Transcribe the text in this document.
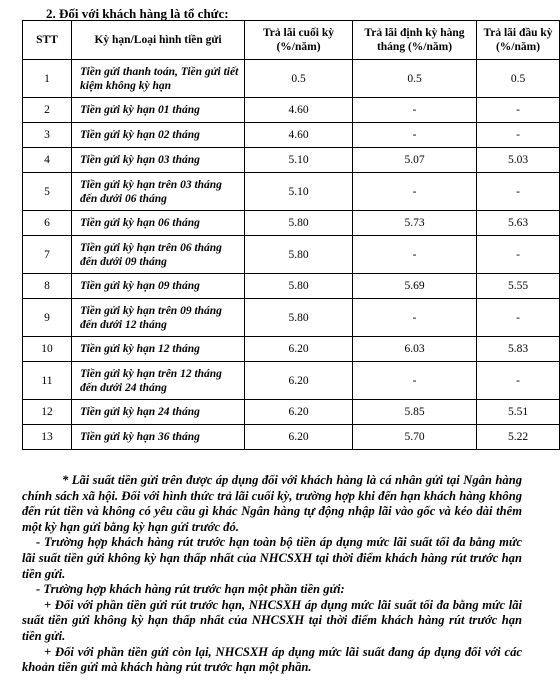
2. Đối với khách hàng là tổ chức:
STT	Kỳ hạn/Loại hình tiền gửi	Trả lãi cuối kỳ (%/năm)	Trả lãi định kỳ hàng tháng (%/năm)	Trả lãi đầu kỳ (%/năm)
1	Tiền gửi thanh toán, Tiền gửi tiết kiệm không kỳ hạn	0.5	0.5	0.5
2	Tiền gửi kỳ hạn 01 tháng	4.60	-	-
3	Tiền gửi kỳ hạn 02 tháng	4.60	-	-
4	Tiền gửi kỳ hạn 03 tháng	5.10	5.07	5.03
5	Tiền gửi kỳ hạn trên 03 tháng đến dưới 06 tháng	5.10	-	-
6	Tiền gửi kỳ hạn 06 tháng	5.80	5.73	5.63
7	Tiền gửi kỳ hạn trên 06 tháng đến dưới 09 tháng	5.80	-	-
8	Tiền gửi kỳ hạn 09 tháng	5.80	5.69	5.55
9	Tiền gửi kỳ hạn trên 09 tháng đến dưới 12 tháng	5.80	-	-
10	Tiền gửi kỳ hạn 12 tháng	6.20	6.03	5.83
11	Tiền gửi kỳ hạn trên 12 tháng đến dưới 24 tháng	6.20	-	-
12	Tiền gửi kỳ hạn 24 tháng	6.20	5.85	5.51
13	Tiền gửi kỳ hạn 36 tháng	6.20	5.70	5.22

* Lãi suất tiền gửi trên được áp dụng đối với khách hàng là cá nhân gửi tại Ngân hàng chính sách xã hội. Đối với hình thức trả lãi cuối kỳ, trường hợp khi đến hạn khách hàng không đến rút tiền và không có yêu cầu gì khác Ngân hàng tự động nhập lãi vào gốc và kéo dài thêm một kỳ hạn gửi bằng kỳ hạn gửi trước đó.

- Trường hợp khách hàng rút trước hạn toàn bộ tiền áp dụng mức lãi suất tối đa bằng mức lãi suất tiền gửi không kỳ hạn thấp nhất của NHCSXH tại thời điểm khách hàng rút trước hạn tiền gửi.

- Trường hợp khách hàng rút trước hạn một phần tiền gửi:

+ Đối với phần tiền gửi rút trước hạn, NHCSXH áp dụng mức lãi suất tối đa bằng mức lãi suất tiền gửi không kỳ hạn thấp nhất của NHCSXH tại thời điểm khách hàng rút trước hạn tiền gửi.

+ Đối với phần tiền gửi còn lại, NHCSXH áp dụng mức lãi suất đang áp dụng đối với các khoản tiền gửi mà khách hàng rút trước hạn một phần.
